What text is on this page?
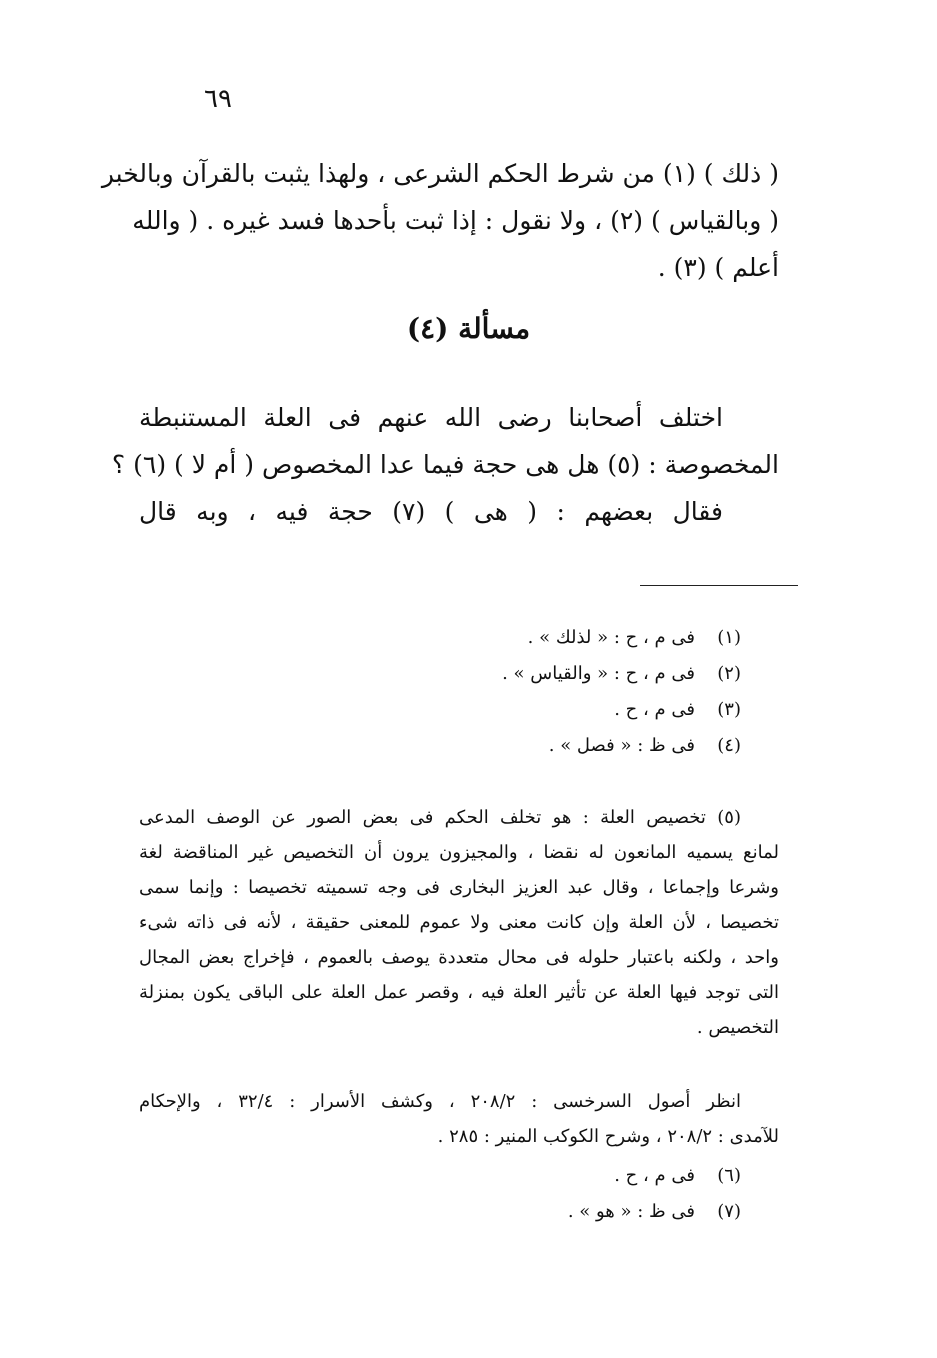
٦٩
( ذلك ) (١) من شرط الحكم الشرعى ، ولهذا يثبت بالقرآن وبالخبر
( وبالقياس ) (٢) ، ولا نقول : إذا ثبت بأحدها فسد غيره . ( والله
أعلم ) (٣) .
مسألة (٤)
اختلف أصحابنا رضى الله عنهم فى العلة المستنبطة
المخصوصة : (٥) هل هى حجة فيما عدا المخصوص ( أم لا ) (٦) ؟
فقال بعضهم : ( هى ) (٧) حجة فيه ، وبه قال
(١)فى م ، ح : « لذلك » .
(٢)فى م ، ح : « والقياس » .
(٣)فى م ، ح .
(٤)فى ظ : « فصل » .
(٥) تخصيص العلة : هو تخلف الحكم فى بعض الصور عن الوصف المدعى
لمانع يسميه المانعون له نقضا ، والمجيزون يرون أن التخصيص غير المناقضة لغة
وشرعا وإجماعا ، وقال عبد العزيز البخارى فى وجه تسميته تخصيصا : وإنما سمى
تخصيصا ، لأن العلة وإن كانت معنى ولا عموم للمعنى حقيقة ، لأنه فى ذاته شىء
واحد ، ولكنه باعتبار حلوله فى محال متعددة يوصف بالعموم ، فإخراج بعض المجال
التى توجد فيها العلة عن تأثير العلة فيه ، وقصر عمل العلة على الباقى يكون بمنزلة
التخصيص .
انظر أصول السرخسى : ٢٠٨/٢ ، وكشف الأسرار : ٣٢/٤ ، والإحكام
للآمدى : ٢٠٨/٢ ، وشرح الكوكب المنير : ٢٨٥ .
(٦)فى م ، ح .
(٧)فى ظ : « هو » .
